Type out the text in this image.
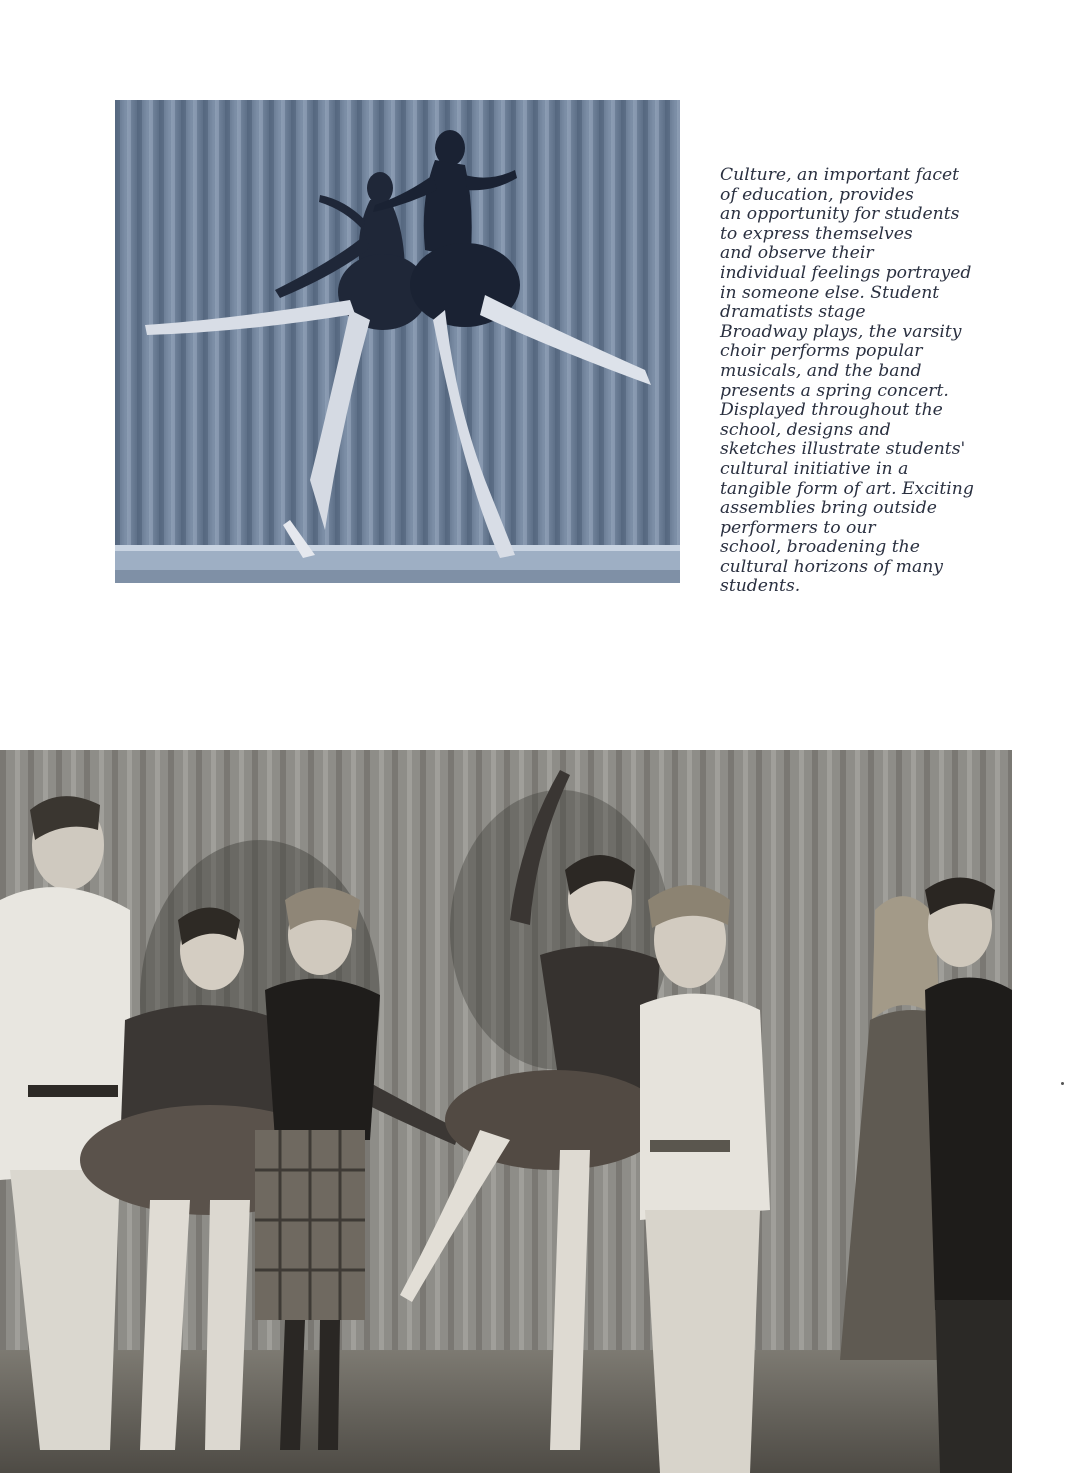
Culture, an important facet
of education, provides
an opportunity for students
to express themselves
and observe their
individual feelings portrayed
in someone else. Student
dramatists stage
Broadway plays, the varsity
choir performs popular
musicals, and the band
presents a spring concert.
Displayed throughout the
school, designs and
sketches illustrate students'
cultural initiative in a
tangible form of art. Exciting
assemblies bring outside
performers to our
school, broadening the
cultural horizons of many
students.
